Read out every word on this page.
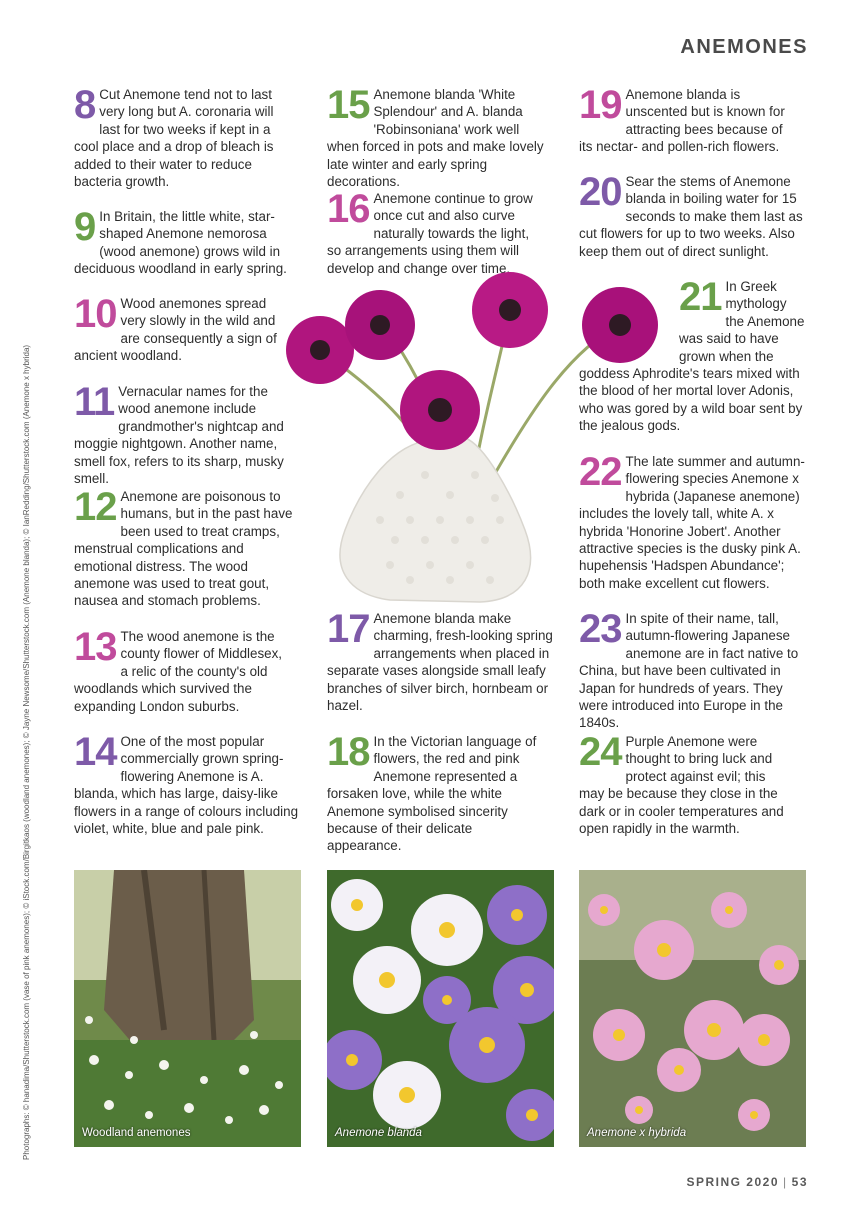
ANEMONES
Photographs: © hanadima/Shutterstock.com (vase of pink anemones); © iStock.com/Birgitkaos (woodland anemones); © Jayne Newsome/Shutterstock.com (Anemone blanda); © IanRedding/Shutterstock.com (Anemone x hybrida)
8 Cut Anemone tend not to last very long but A. coronaria will last for two weeks if kept in a cool place and a drop of bleach is added to their water to reduce bacteria growth.
9 In Britain, the little white, star-shaped Anemone nemorosa (wood anemone) grows wild in deciduous woodland in early spring.
10 Wood anemones spread very slowly in the wild and are consequently a sign of ancient woodland.
11 Vernacular names for the wood anemone include grandmother's nightcap and moggie nightgown. Another name, smell fox, refers to its sharp, musky smell.
12 Anemone are poisonous to humans, but in the past have been used to treat cramps, menstrual complications and emotional distress. The wood anemone was used to treat gout, nausea and stomach problems.
13 The wood anemone is the county flower of Middlesex, a relic of the county's old woodlands which survived the expanding London suburbs.
14 One of the most popular commercially grown spring-flowering Anemone is A. blanda, which has large, daisy-like flowers in a range of colours including violet, white, blue and pale pink.
15 Anemone blanda 'White Splendour' and A. blanda 'Robinsoniana' work well when forced in pots and make lovely late winter and early spring decorations.
16 Anemone continue to grow once cut and also curve naturally towards the light, so arrangements using them will develop and change over time.
17 Anemone blanda make charming, fresh-looking spring arrangements when placed in separate vases alongside small leafy branches of silver birch, hornbeam or hazel.
18 In the Victorian language of flowers, the red and pink Anemone represented a forsaken love, while the white Anemone symbolised sincerity because of their delicate appearance.
19 Anemone blanda is unscented but is known for attracting bees because of its nectar- and pollen-rich flowers.
20 Sear the stems of Anemone blanda in boiling water for 15 seconds to make them last as cut flowers for up to two weeks. Also keep them out of direct sunlight.
21 In Greek mythology the Anemone was said to have grown when the goddess Aphrodite's tears mixed with the blood of her mortal lover Adonis, who was gored by a wild boar sent by the jealous gods.
22 The late summer and autumn-flowering species Anemone x hybrida (Japanese anemone) includes the lovely tall, white A. x hybrida 'Honorine Jobert'. Another attractive species is the dusky pink A. hupehensis 'Hadspen Abundance'; both make excellent cut flowers.
23 In spite of their name, tall, autumn-flowering Japanese anemone are in fact native to China, but have been cultivated in Japan for hundreds of years. They were introduced into Europe in the 1840s.
24 Purple Anemone were thought to bring luck and protect against evil; this may be because they close in the dark or in cooler temperatures and open rapidly in the warmth.
Woodland anemones	Anemone blanda	Anemone x hybrida
SPRING 2020 | 53
